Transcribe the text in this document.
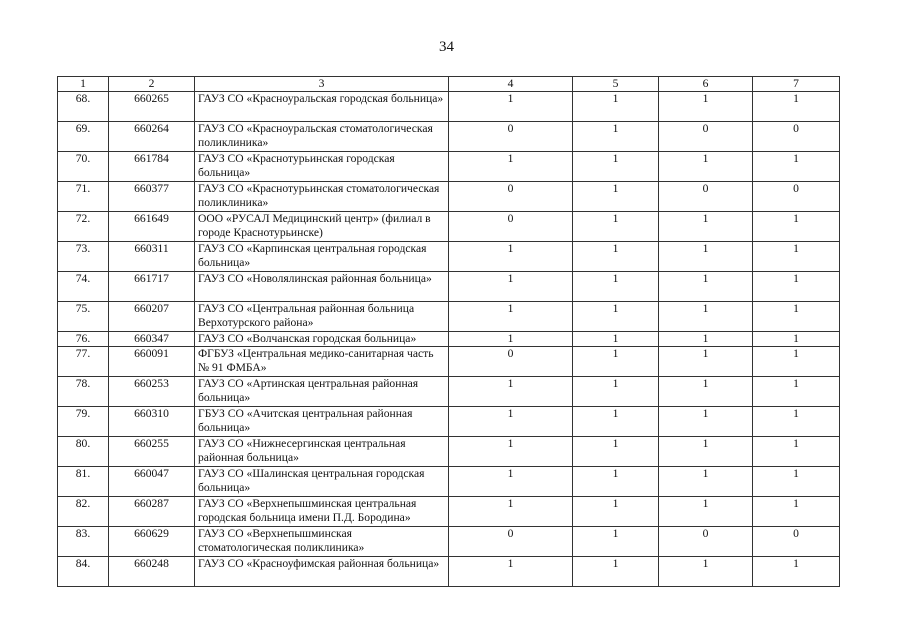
34
1	2	3	4	5	6	7
68.	660265	ГАУЗ СО «Красноуральская городская больница»	1	1	1	1
69.	660264	ГАУЗ СО «Красноуральская стоматологическая поликлиника»	0	1	0	0
70.	661784	ГАУЗ СО «Краснотурьинская городская больница»	1	1	1	1
71.	660377	ГАУЗ СО «Краснотурьинская стоматологическая поликлиника»	0	1	0	0
72.	661649	ООО «РУСАЛ Медицинский центр» (филиал в городе Краснотурьинске)	0	1	1	1
73.	660311	ГАУЗ СО «Карпинская центральная городская больница»	1	1	1	1
74.	661717	ГАУЗ СО «Новолялинская районная больница»	1	1	1	1
75.	660207	ГАУЗ СО «Центральная районная больница Верхотурского района»	1	1	1	1
76.	660347	ГАУЗ СО «Волчанская городская больница»	1	1	1	1
77.	660091	ФГБУЗ «Центральная медико-санитарная часть № 91 ФМБА»	0	1	1	1
78.	660253	ГАУЗ СО «Артинская центральная районная больница»	1	1	1	1
79.	660310	ГБУЗ СО «Ачитская центральная районная больница»	1	1	1	1
80.	660255	ГАУЗ СО «Нижнесергинская центральная районная больница»	1	1	1	1
81.	660047	ГАУЗ СО «Шалинская центральная городская больница»	1	1	1	1
82.	660287	ГАУЗ СО «Верхнепышминская центральная городская больница имени П.Д. Бородина»	1	1	1	1
83.	660629	ГАУЗ СО «Верхнепышминская стоматологическая поликлиника»	0	1	0	0
84.	660248	ГАУЗ СО «Красноуфимская районная больница»	1	1	1	1
